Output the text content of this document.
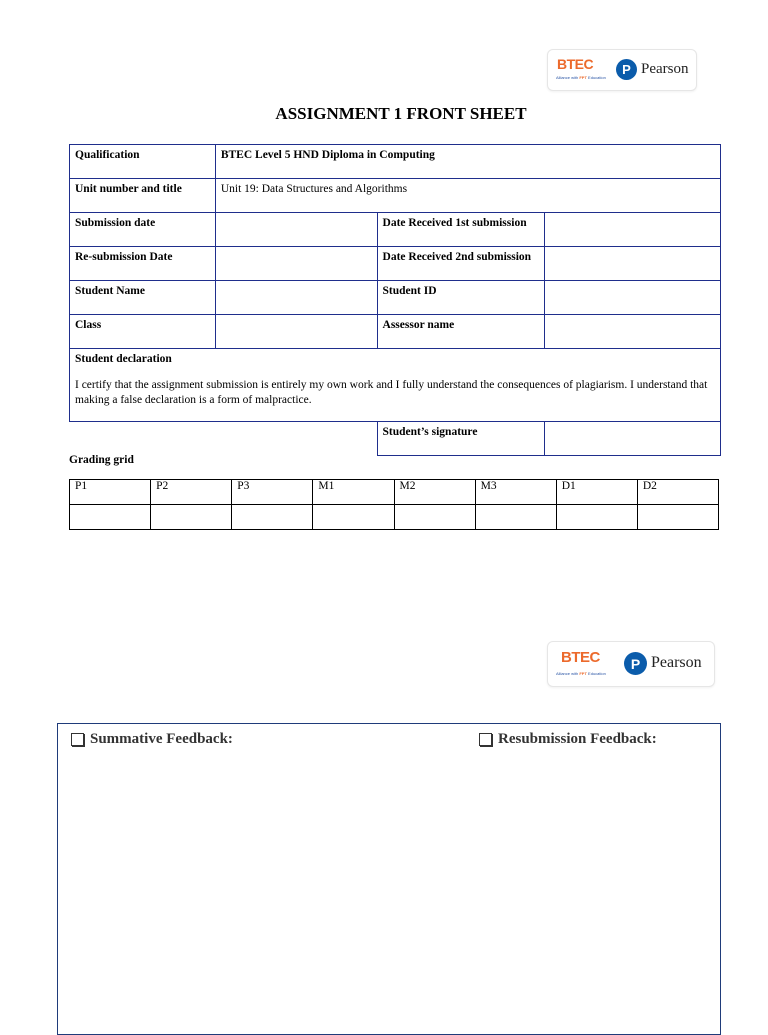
BTEC
Alliance with FPT Education
P Pearson
ASSIGNMENT 1 FRONT SHEET
Qualification	BTEC Level 5 HND Diploma in Computing		
Unit number and title	Unit 19: Data Structures and Algorithms		
Submission date		Date Received 1st submission	
Re-submission Date		Date Received 2nd submission	
Student Name		Student ID	
Class		Assessor name	

Student declaration
I certify that the assignment submission is entirely my own work and I fully understand the consequences of plagiarism. I understand that making a false declaration is a form of malpractice.			

		Student’s signature	
Grading grid
P1	P2	P3	M1	M2	M3	D1	D2

BTEC
Alliance with FPT Education
P Pearson
Summative Feedback:	Resubmission Feedback:
